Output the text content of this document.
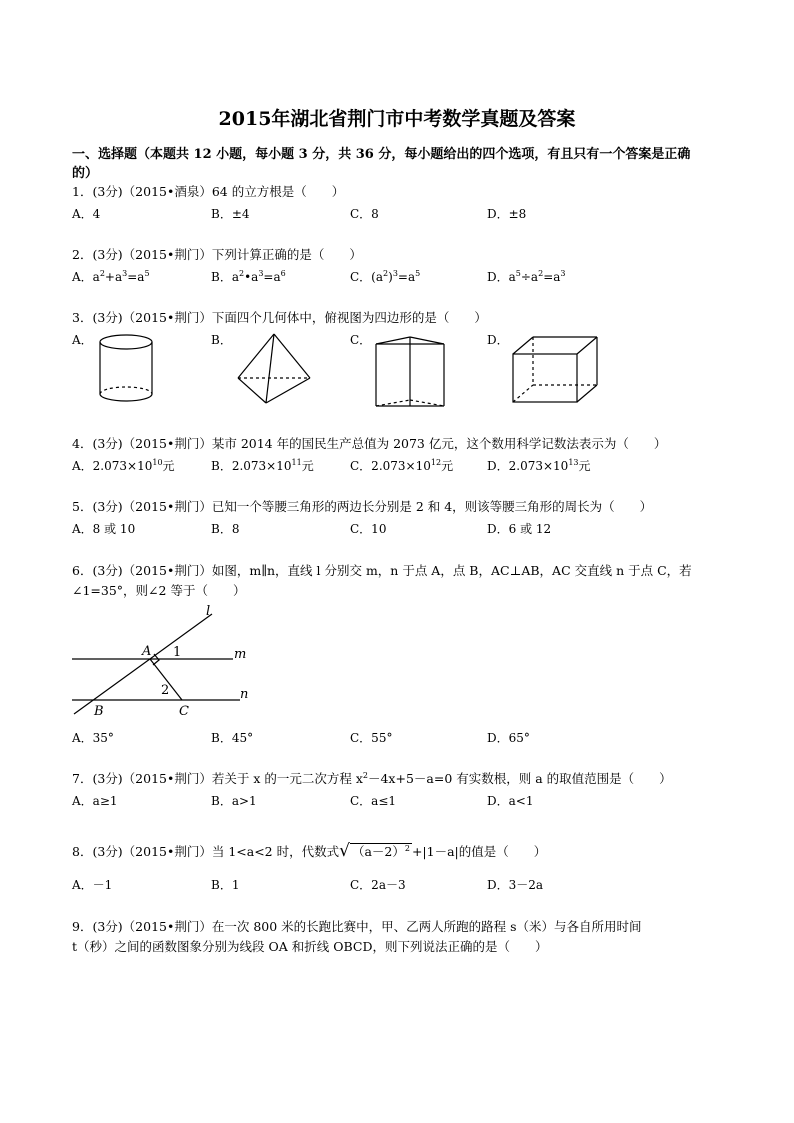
2015年湖北省荆门市中考数学真题及答案
一、选择题（本题共 12 小题，每小题 3 分，共 36 分，每小题给出的四个选项，有且只有一个答案是正确
的）
1．(3分)（2015•酒泉）64 的立方根是（　　）
A．4	B．±4	C．8	D．±8
2．(3分)（2015•荆门）下列计算正确的是（　　）
A．$a^2+a^3=a^5$	B．$a^2•a^3=a^6$	C．$(a^2)^3=a^5$	D．$a^5\div a^2=a^3$
3．(3分)（2015•荆门）下面四个几何体中，俯视图为四边形的是（　　）
A．	B．	C．	D．
4．(3分)（2015•荆门）某市 2014 年的国民生产总值为 2073 亿元，这个数用科学记数法表示为（　　）
A．$2.073\times 10^{10}$元	B．$2.073\times 10^{11}$元	C．$2.073\times 10^{12}$元	D．$2.073\times 10^{13}$元
5．(3分)（2015•荆门）已知一个等腰三角形的两边长分别是 2 和 4，则该等腰三角形的周长为（　　）
A．8 或 10	B．8	C．10	D．6 或 12
6．(3分)（2015•荆门）如图，m∥n，直线 l 分别交 m，n 于点 A，点 B，AC⊥AB，AC 交直线 n 于点 C，若
∠1=35°，则∠2 等于（　　）
l
m
n
A
B	C
1
2
A．35°	B．45°	C．55°	D．65°
7．(3分)（2015•荆门）若关于 x 的一元二次方程 $x^2-4x+5-a=0$ 有实数根，则 a 的取值范围是（　　）
A．a≥1	B．a>1	C．a≤1	D．a<1
8．(3分)（2015•荆门）当 1<a<2 时，代数式√ $(a-2)^2 +|1-a|$的值是（　　）
A．－1	B．1	C．2a－3	D．3－2a
9．(3分)（2015•荆门）在一次 800 米的长跑比赛中，甲、乙两人所跑的路程 s（米）与各自所用时间
t（秒）之间的函数图象分别为线段 OA 和折线 OBCD，则下列说法正确的是（　　）
